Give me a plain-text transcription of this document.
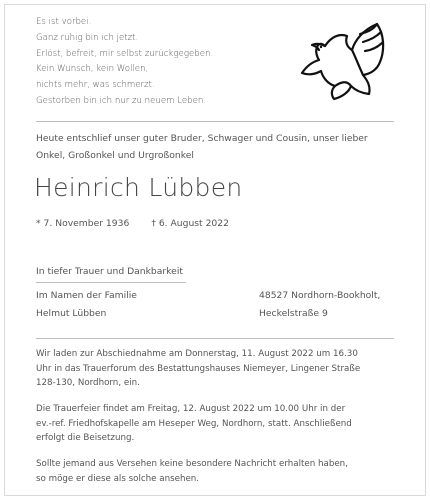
Es ist vorbei.
Ganz ruhig bin ich jetzt.
Erlöst, befreit, mir selbst zurückgegeben.
Kein Wunsch, kein Wollen,
nichts mehr, was schmerzt.
Gestorben bin ich nur zu neuem Leben.
Heute entschlief unser guter Bruder, Schwager und Cousin, unser lieber
Onkel, Großonkel und Urgroßonkel
Heinrich Lübben
* 7. November 1936 † 6. August 2022
In tiefer Trauer und Dankbarkeit
Im Namen der Familie
Helmut Lübben
48527 Nordhorn-Bookholt,
Heckelstraße 9
Wir laden zur Abschiednahme am Donnerstag, 11. August 2022 um 16.30
Uhr in das Trauerforum des Bestattungshauses Niemeyer, Lingener Straße
128-130, Nordhorn, ein.
Die Trauerfeier findet am Freitag, 12. August 2022 um 10.00 Uhr in der
ev.-ref. Friedhofskapelle am Heseper Weg, Nordhorn, statt. Anschließend
erfolgt die Beisetzung.
Sollte jemand aus Versehen keine besondere Nachricht erhalten haben,
so möge er diese als solche ansehen.
